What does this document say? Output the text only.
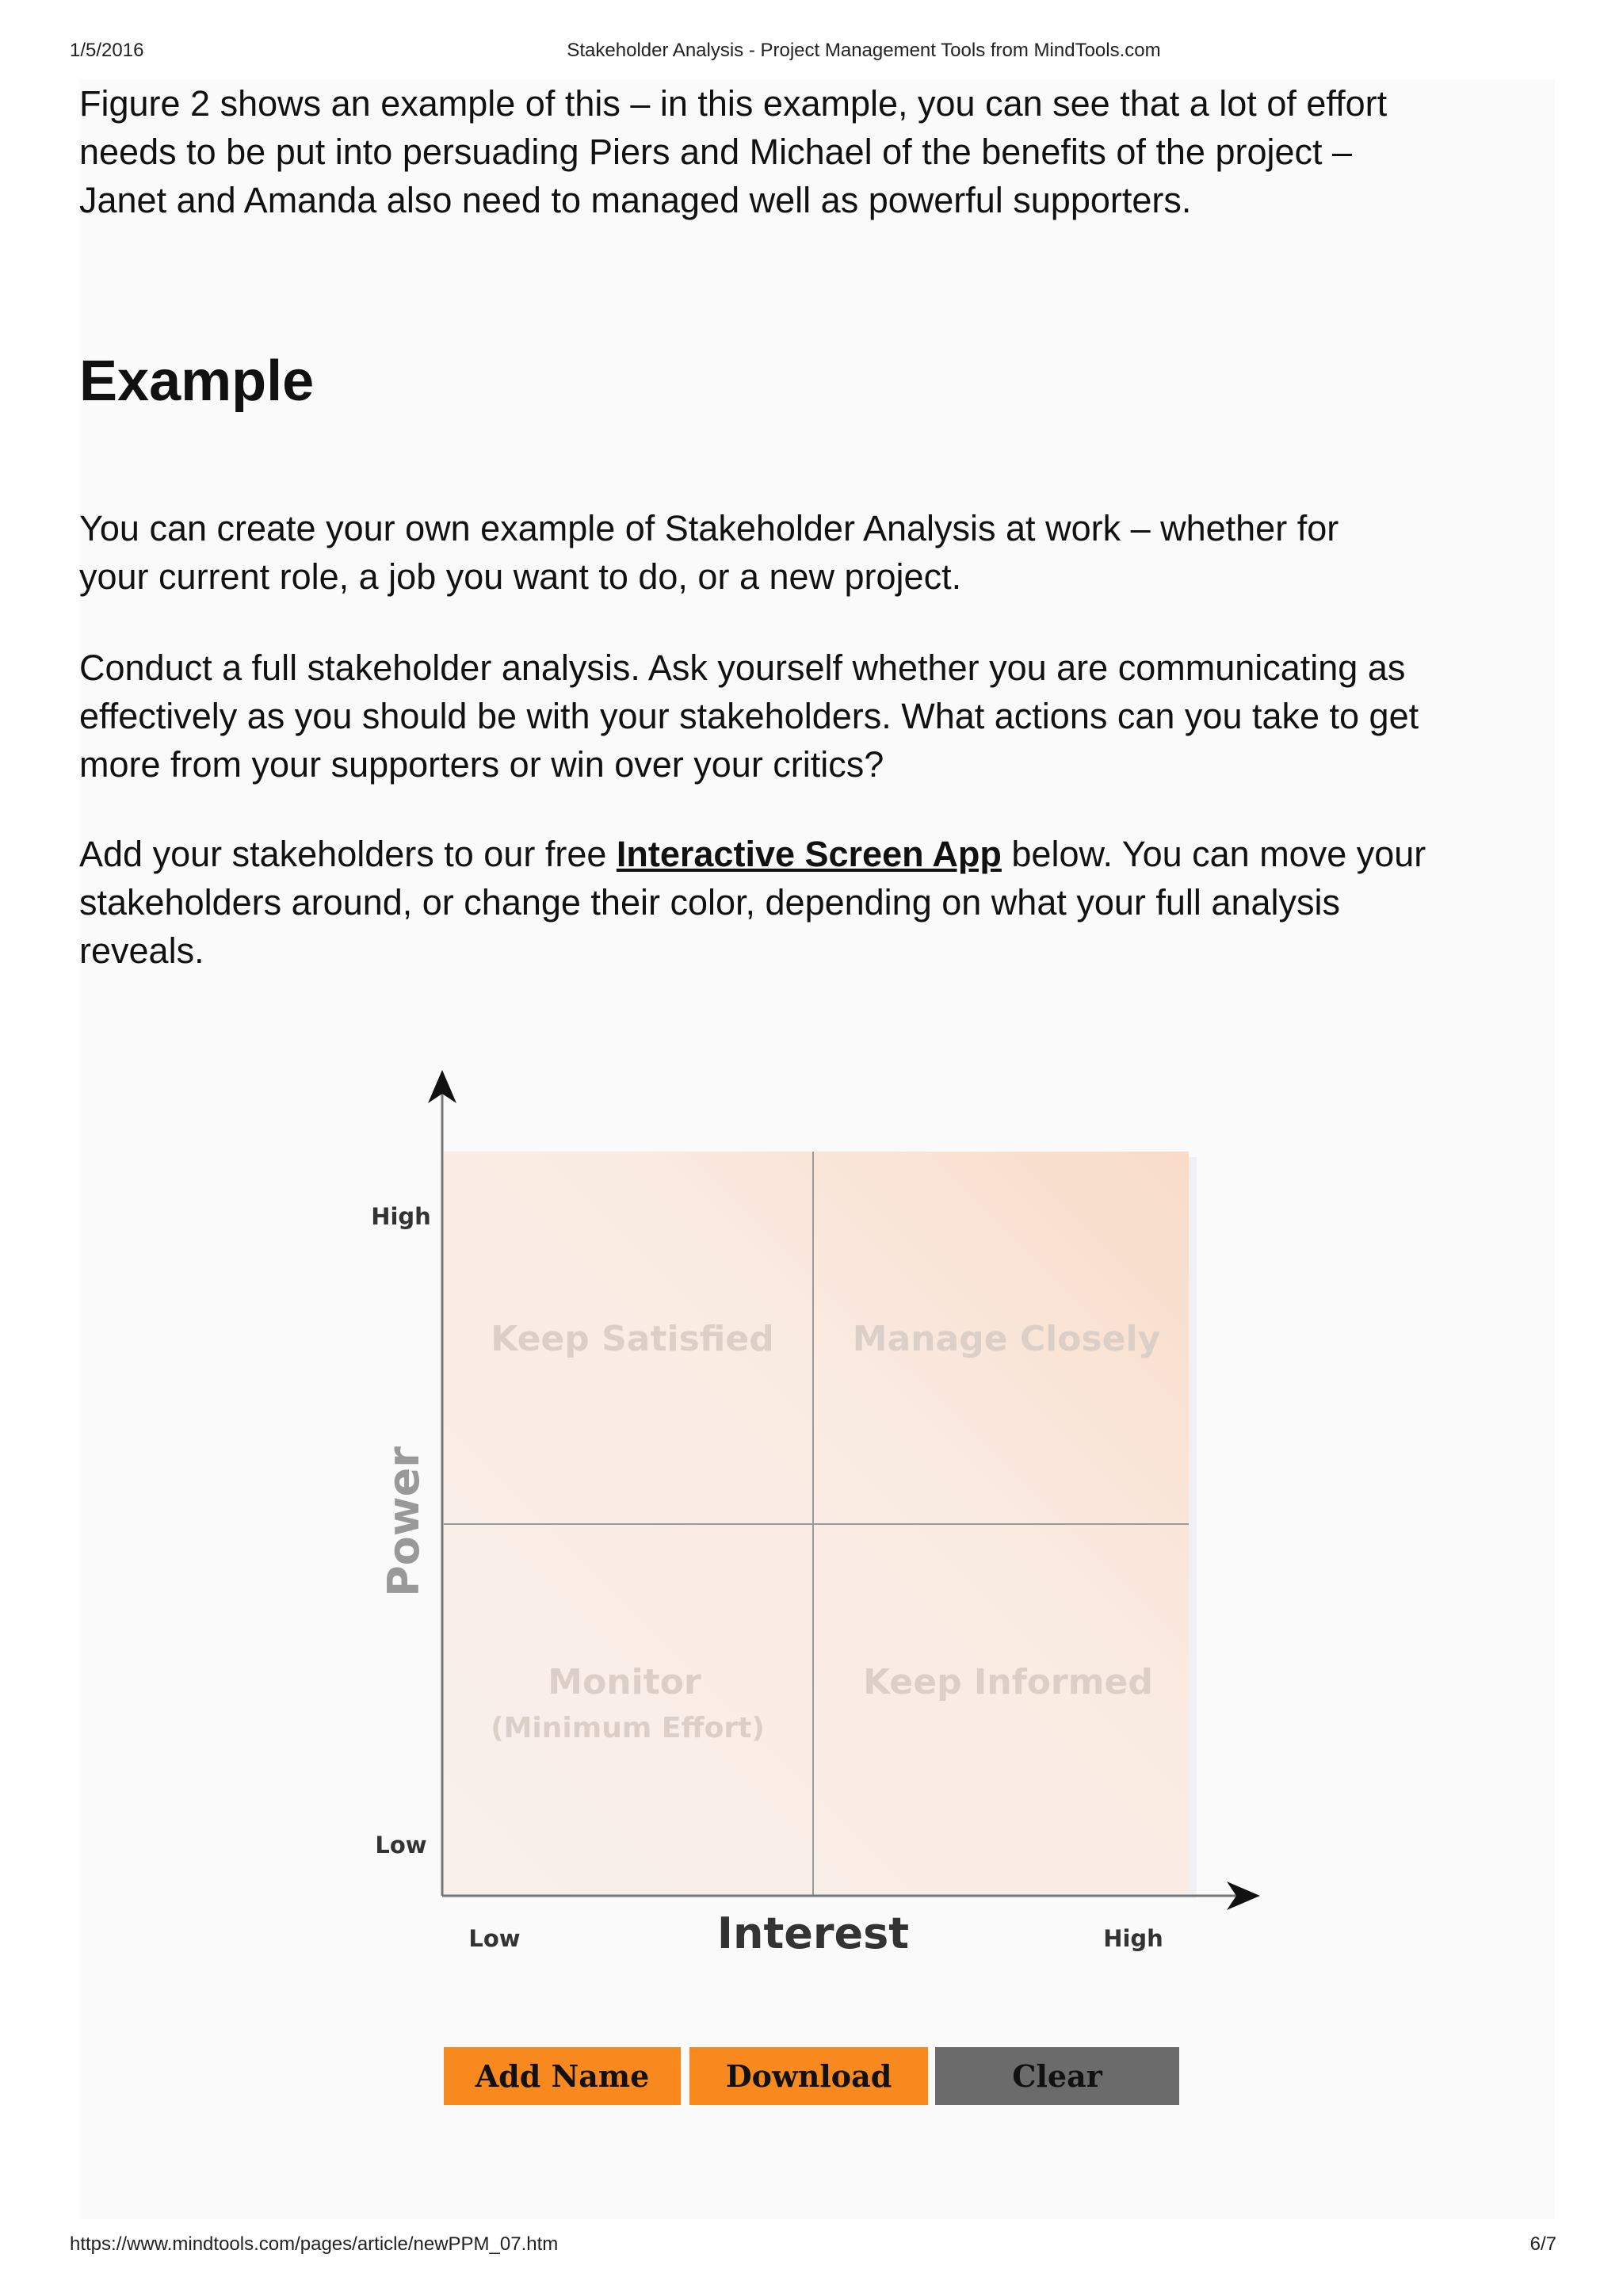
1/5/2016	Stakeholder Analysis - Project Management Tools from MindTools.com

Figure 2 shows an example of this – in this example, you can see that a lot of effort
needs to be put into persuading Piers and Michael of the benefits of the project –
Janet and Amanda also need to managed well as powerful supporters.

Example

You can create your own example of Stakeholder Analysis at work – whether for
your current role, a job you want to do, or a new project.

Conduct a full stakeholder analysis. Ask yourself whether you are communicating as
effectively as you should be with your stakeholders. What actions can you take to get
more from your supporters or win over your critics?

Add your stakeholders to our free Interactive Screen App below. You can move your
stakeholders around, or change their color, depending on what your full analysis
reveals.

Keep Satisfied Manage Closely
Monitor
(Minimum Effort)
Keep Informed
High
Low
Power
Low	Interest	High
Add Name	Download	Clear
https://www.mindtools.com/pages/article/newPPM_07.htm	6/7
